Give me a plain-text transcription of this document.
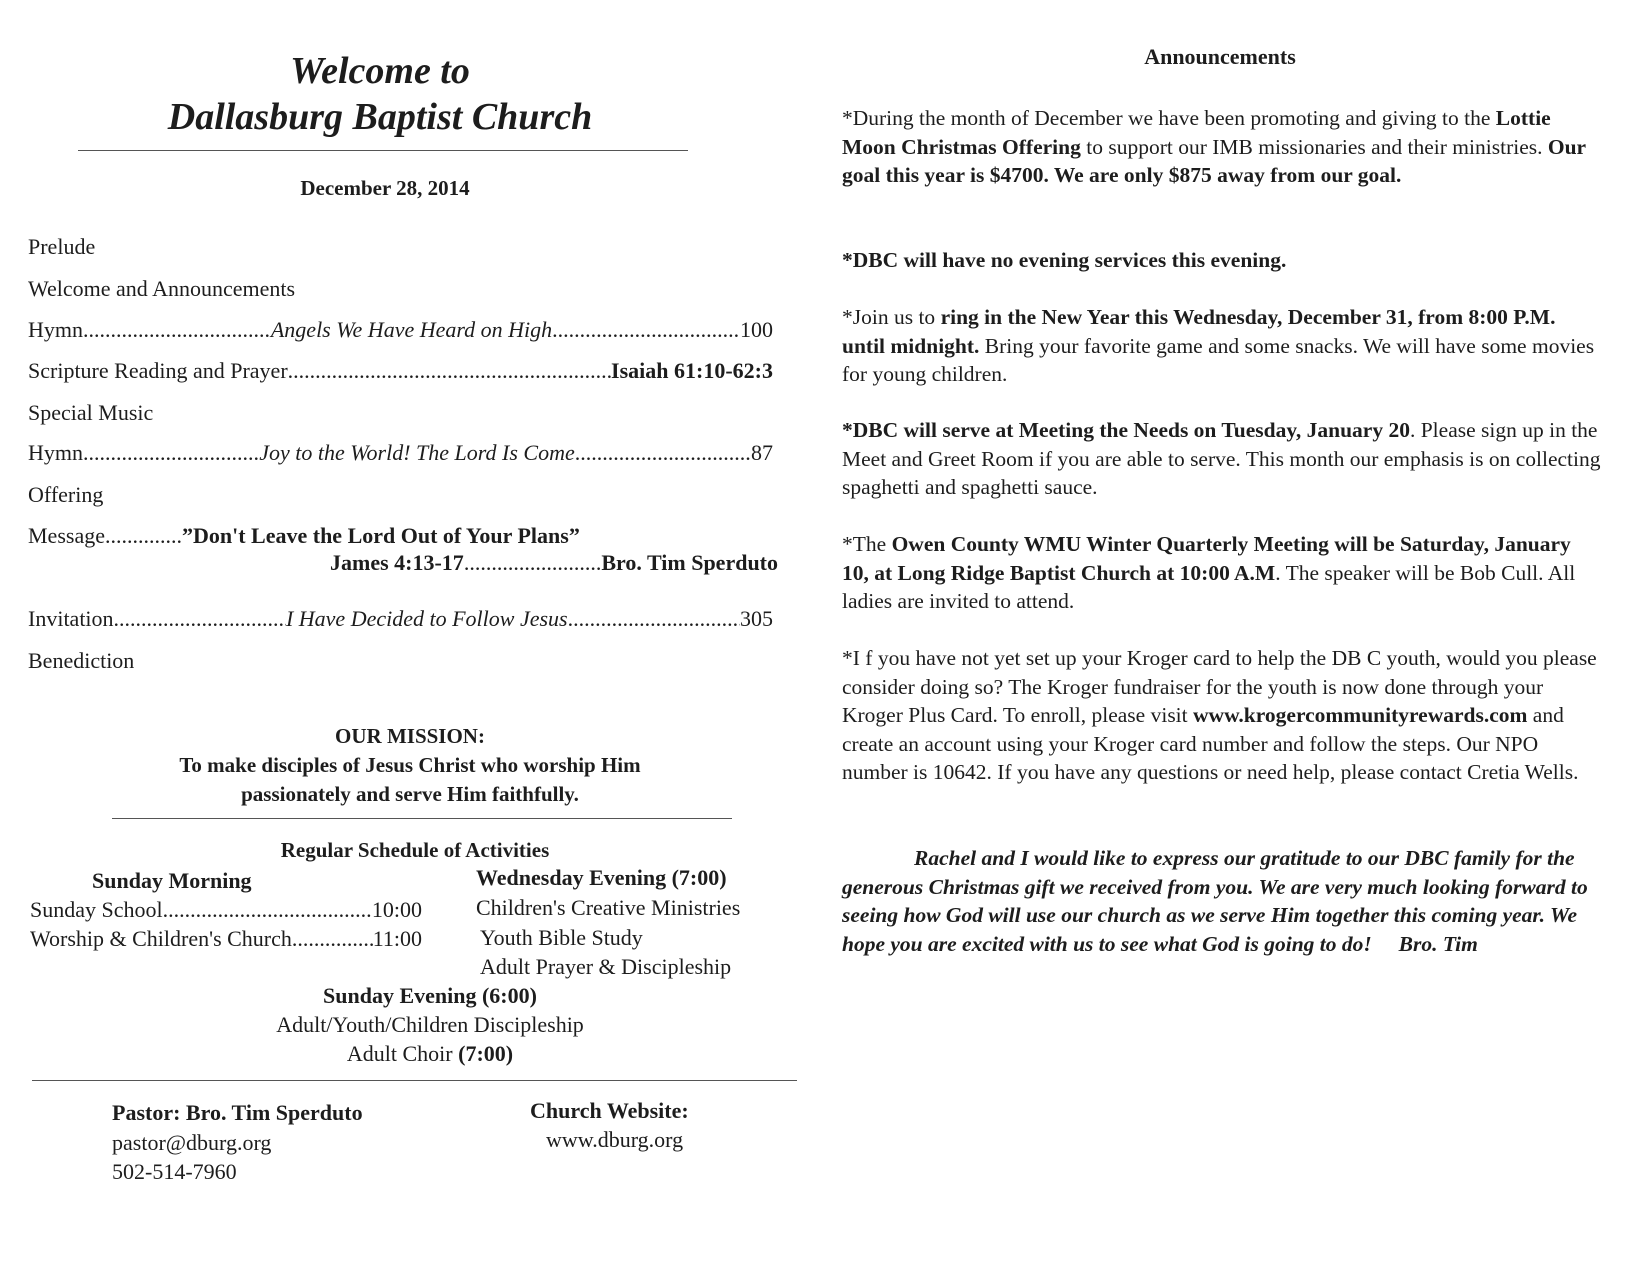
Welcome to
Dallasburg Baptist Church
December 28, 2014
Prelude
Welcome and Announcements
Hymn .....	Angels We Have Heard on High .....	100
Scripture Reading and Prayer .....	Isaiah 61:10-62:3
Special Music
Hymn .....	Joy to the World! The Lord Is Come .....	87
Offering
Message..............”Don't Leave the Lord Out of Your Plans”
James 4:13-17 .....	Bro. Tim Sperduto
Invitation .....	I Have Decided to Follow Jesus .....	305
Benediction
OUR MISSION:
To make disciples of Jesus Christ who worship Him
passionately and serve Him faithfully.
Regular Schedule of Activities
Sunday Morning
Sunday School .....	10:00
Worship & Children's Church .....	11:00
Wednesday Evening (7:00)
Children's Creative Ministries
Youth Bible Study
Adult Prayer & Discipleship
Sunday Evening (6:00)
Adult/Youth/Children Discipleship
Adult Choir (7:00)
Pastor: Bro. Tim Sperduto
pastor@dburg.org
502-514-7960
Church Website:
www.dburg.org
Announcements
*During the month of December we have been promoting and giving to the Lottie Moon Christmas Offering to support our IMB missionaries and their ministries. Our goal this year is $4700. We are only $875 away from our goal.
*DBC will have no evening services this evening.
*Join us to ring in the New Year this Wednesday, December 31, from 8:00 P.M. until midnight. Bring your favorite game and some snacks. We will have some movies for young children.
*DBC will serve at Meeting the Needs on Tuesday, January 20. Please sign up in the Meet and Greet Room if you are able to serve. This month our emphasis is on collecting spaghetti and spaghetti sauce.
*The Owen County WMU Winter Quarterly Meeting will be Saturday, January 10, at Long Ridge Baptist Church at 10:00 A.M. The speaker will be Bob Cull. All ladies are invited to attend.
*I f you have not yet set up your Kroger card to help the DB C youth, would you please consider doing so? The Kroger fundraiser for the youth is now done through your Kroger Plus Card. To enroll, please visit www.krogercommunityrewards.com and create an account using your Kroger card number and follow the steps. Our NPO number is 10642. If you have any questions or need help, please contact Cretia Wells.
Rachel and I would like to express our gratitude to our DBC family for the generous Christmas gift we received from you. We are very much looking forward to seeing how God will use our church as we serve Him together this coming year. We hope you are excited with us to see what God is going to do! Bro. Tim
